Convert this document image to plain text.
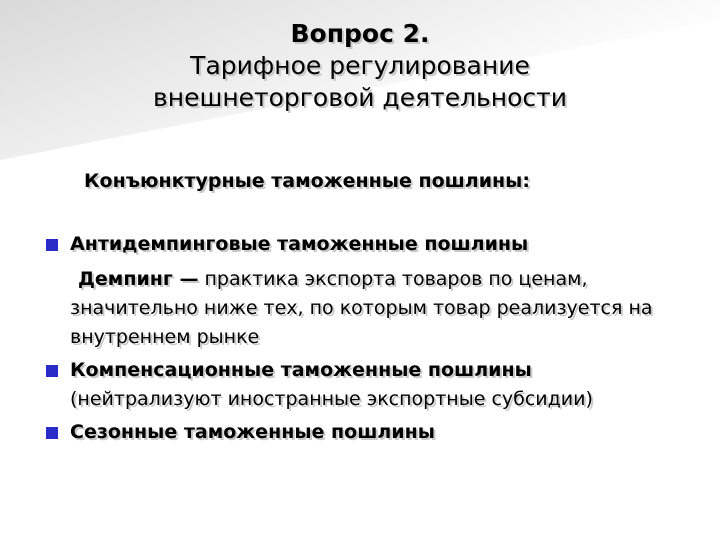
Вопрос 2.
Тарифное регулирование
внешнеторговой деятельности
Конъюнктурные таможенные пошлины:
Антидемпинговые таможенные пошлины
Демпинг — практика экспорта товаров по ценам, значительно ниже тех, по которым товар реализуется на внутреннем рынке
Компенсационные таможенные пошлины (нейтрализуют иностранные экспортные субсидии)
Сезонные таможенные пошлины
